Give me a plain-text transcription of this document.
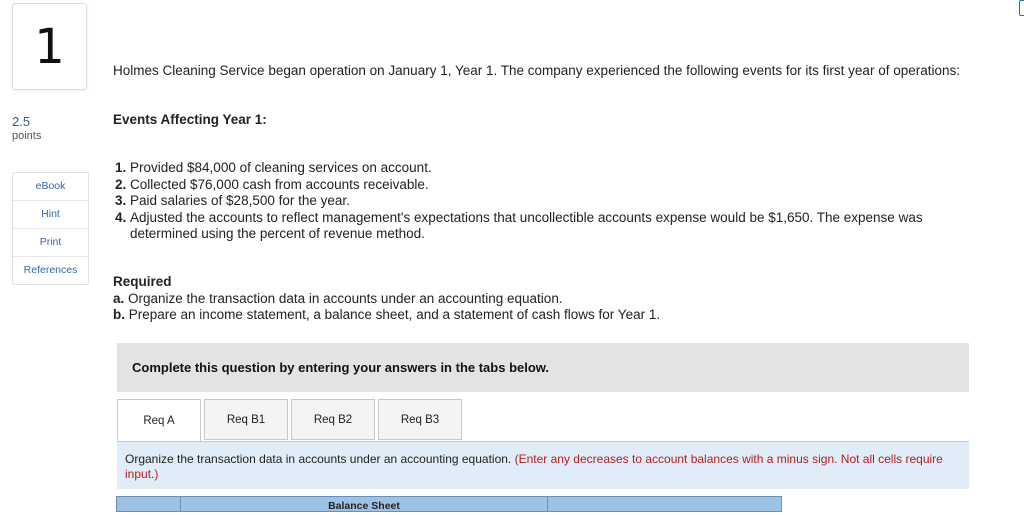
1
2.5
points
eBook
Hint
Print
References

Holmes Cleaning Service began operation on January 1, Year 1. The company experienced the following events for its first year of operations:

Events Affecting Year 1:
1. Provided $84,000 of cleaning services on account.
2. Collected $76,000 cash from accounts receivable.
3. Paid salaries of $28,500 for the year.
4. Adjusted the accounts to reflect management's expectations that uncollectible accounts expense would be $1,650. The expense was determined using the percent of revenue method.
Required
a. Organize the transaction data in accounts under an accounting equation.
b. Prepare an income statement, a balance sheet, and a statement of cash flows for Year 1.
Complete this question by entering your answers in the tabs below.
Req A	Req B1	Req B2	Req B3
Organize the transaction data in accounts under an accounting equation. (Enter any decreases to account balances with a minus sign. Not all cells require input.)
Balance Sheet
